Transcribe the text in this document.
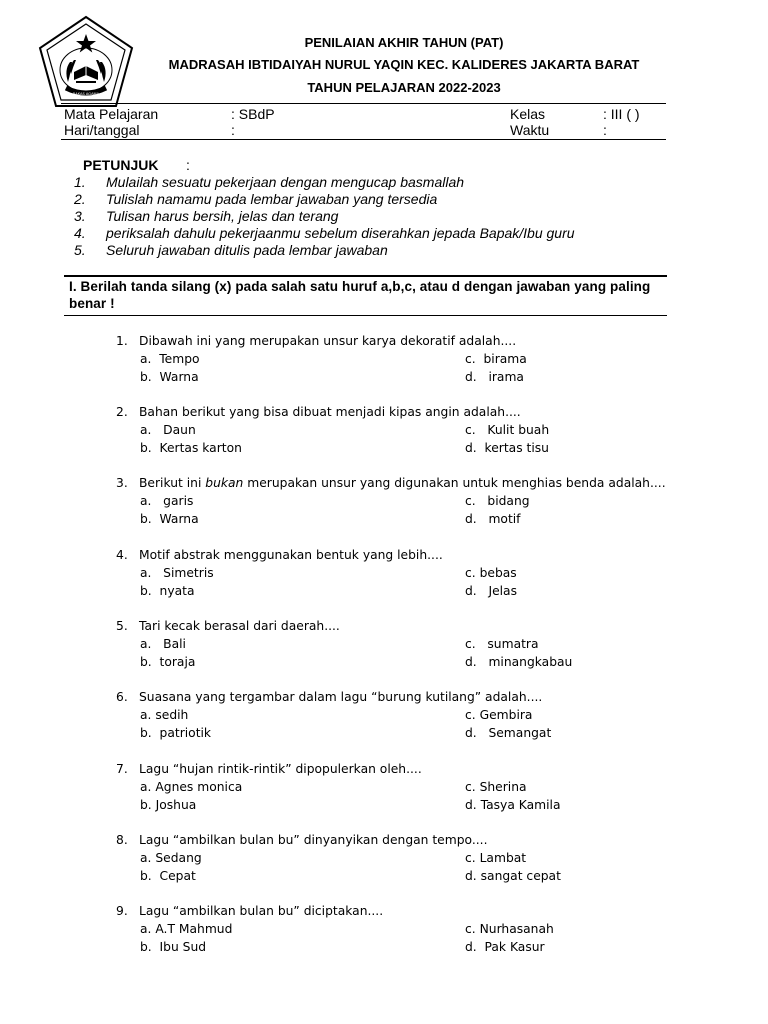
RAKAS AGAMA
PENILAIAN AKHIR TAHUN (PAT)
MADRASAH IBTIDAIYAH NURUL YAQIN KEC. KALIDERES JAKARTA BARAT
TAHUN PELAJARAN 2022-2023
Mata Pelajaran	: SBdP	Kelas	: III ( )
Hari/tanggal	:	Waktu	:
PETUNJUK :
1. Mulailah sesuatu pekerjaan dengan mengucap basmallah
2. Tulislah namamu pada lembar jawaban yang tersedia
3. Tulisan harus bersih, jelas dan terang
4. periksalah dahulu pekerjaanmu sebelum diserahkan jepada Bapak/Ibu guru
5. Seluruh jawaban ditulis pada lembar jawaban
I. Berilah tanda silang (x) pada salah satu huruf a,b,c, atau d dengan jawaban yang paling benar !
1. Dibawah ini yang merupakan unsur karya dekoratif adalah....
a.  Tempo
b.  Warna
c.  birama
d.   irama
2. Bahan berikut yang bisa dibuat menjadi kipas angin adalah....
a.   Daun
b.  Kertas karton
c.   Kulit buah
d.  kertas tisu
3. Berikut ini bukan merupakan unsur yang digunakan untuk menghias benda adalah....
a.   garis
b.  Warna
c.   bidang
d.   motif
4. Motif abstrak menggunakan bentuk yang lebih....
a.   Simetris
b.  nyata
c. bebas
d.   Jelas
5. Tari kecak berasal dari daerah....
a.   Bali
b.  toraja
c.   sumatra
d.   minangkabau
6. Suasana yang tergambar dalam lagu “burung kutilang” adalah....
a. sedih
b.  patriotik
c. Gembira
d.   Semangat
7. Lagu “hujan rintik-rintik” dipopulerkan oleh....
a. Agnes monica
b. Joshua
c. Sherina
d. Tasya Kamila
8. Lagu “ambilkan bulan bu” dinyanyikan dengan tempo....
a. Sedang
b.  Cepat
c. Lambat
d. sangat cepat
9. Lagu “ambilkan bulan bu” diciptakan....
a. A.T Mahmud
b.  Ibu Sud
c. Nurhasanah
d.  Pak Kasur
